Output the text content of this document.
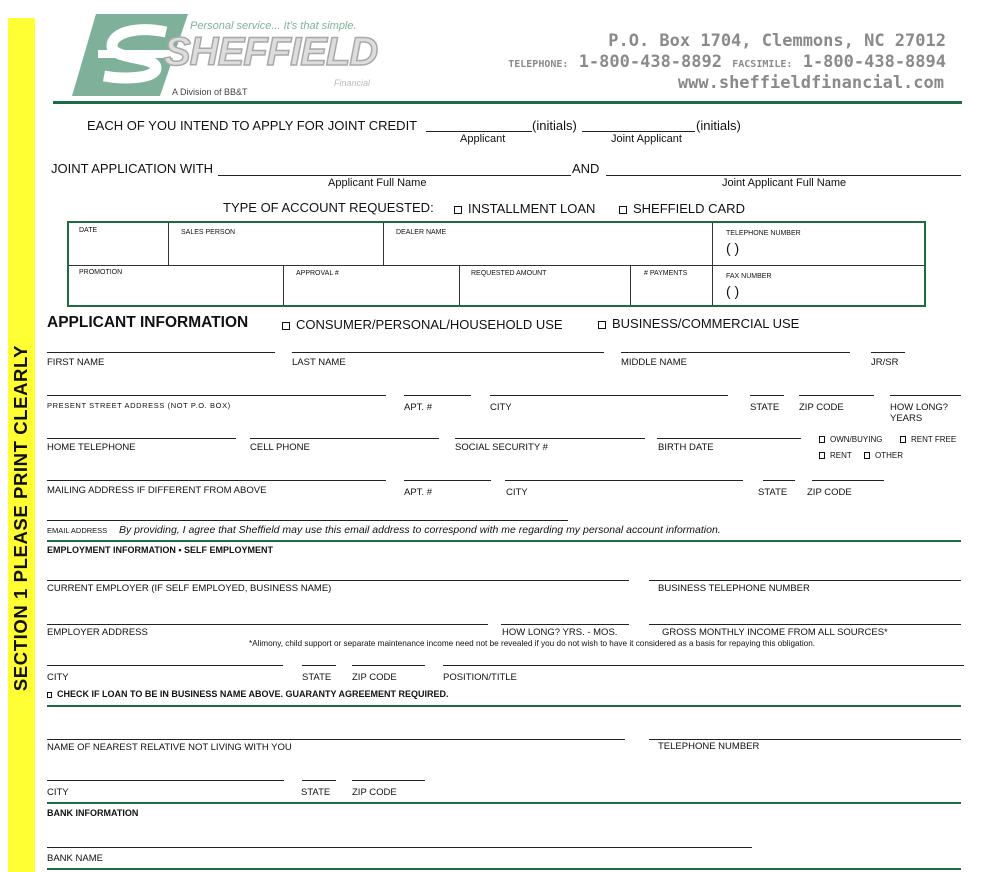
SECTION 1 PLEASE PRINT CLEARLY
Personal service... It's that simple.
SHEFFIELD
Financial
A Division of BB&T
P.O. Box 1704, Clemmons, NC 27012
TELEPHONE: 1-800-438-8892 FACSIMILE: 1-800-438-8894
www.sheffieldfinancial.com
EACH OF YOU INTEND TO APPLY FOR JOINT CREDIT	(initials)	(initials)
Applicant	Joint Applicant
JOINT APPLICATION WITH	AND
Applicant Full Name	Joint Applicant Full Name
TYPE OF ACCOUNT REQUESTED:	INSTALLMENT LOAN	SHEFFIELD CARD
DATE	SALES PERSON	DEALER NAME	TELEPHONE NUMBER
( )
PROMOTION	APPROVAL #	REQUESTED AMOUNT	# PAYMENTS	FAX NUMBER
( )
APPLICANT INFORMATION	CONSUMER/PERSONAL/HOUSEHOLD USE	BUSINESS/COMMERCIAL USE
FIRST NAME	LAST NAME	MIDDLE NAME	JR/SR
PRESENT STREET ADDRESS (NOT P.O. BOX)	APT. #	CITY	STATE ZIP CODE	HOW LONG?
YEARS
HOME TELEPHONE	CELL PHONE	SOCIAL SECURITY #	BIRTH DATE
OWN/BUYING	RENT FREE
RENT	OTHER
MAILING ADDRESS IF DIFFERENT FROM ABOVE	APT. #	CITY	STATE ZIP CODE
EMAIL ADDRESS By providing, I agree that Sheffield may use this email address to correspond with me regarding my personal account information.
EMPLOYMENT INFORMATION • SELF EMPLOYMENT
CURRENT EMPLOYER (IF SELF EMPLOYED, BUSINESS NAME)	BUSINESS TELEPHONE NUMBER
EMPLOYER ADDRESS	HOW LONG? YRS. - MOS.	GROSS MONTHLY INCOME FROM ALL SOURCES*
*Alimony, child support or separate maintenance income need not be revealed if you do not wish to have it considered as a basis for repaying this obligation.
CITY	STATE ZIP CODE	POSITION/TITLE
CHECK IF LOAN TO BE IN BUSINESS NAME ABOVE. GUARANTY AGREEMENT REQUIRED.
NAME OF NEAREST RELATIVE NOT LIVING WITH YOU	TELEPHONE NUMBER
CITY	STATE ZIP CODE
BANK INFORMATION
BANK NAME
